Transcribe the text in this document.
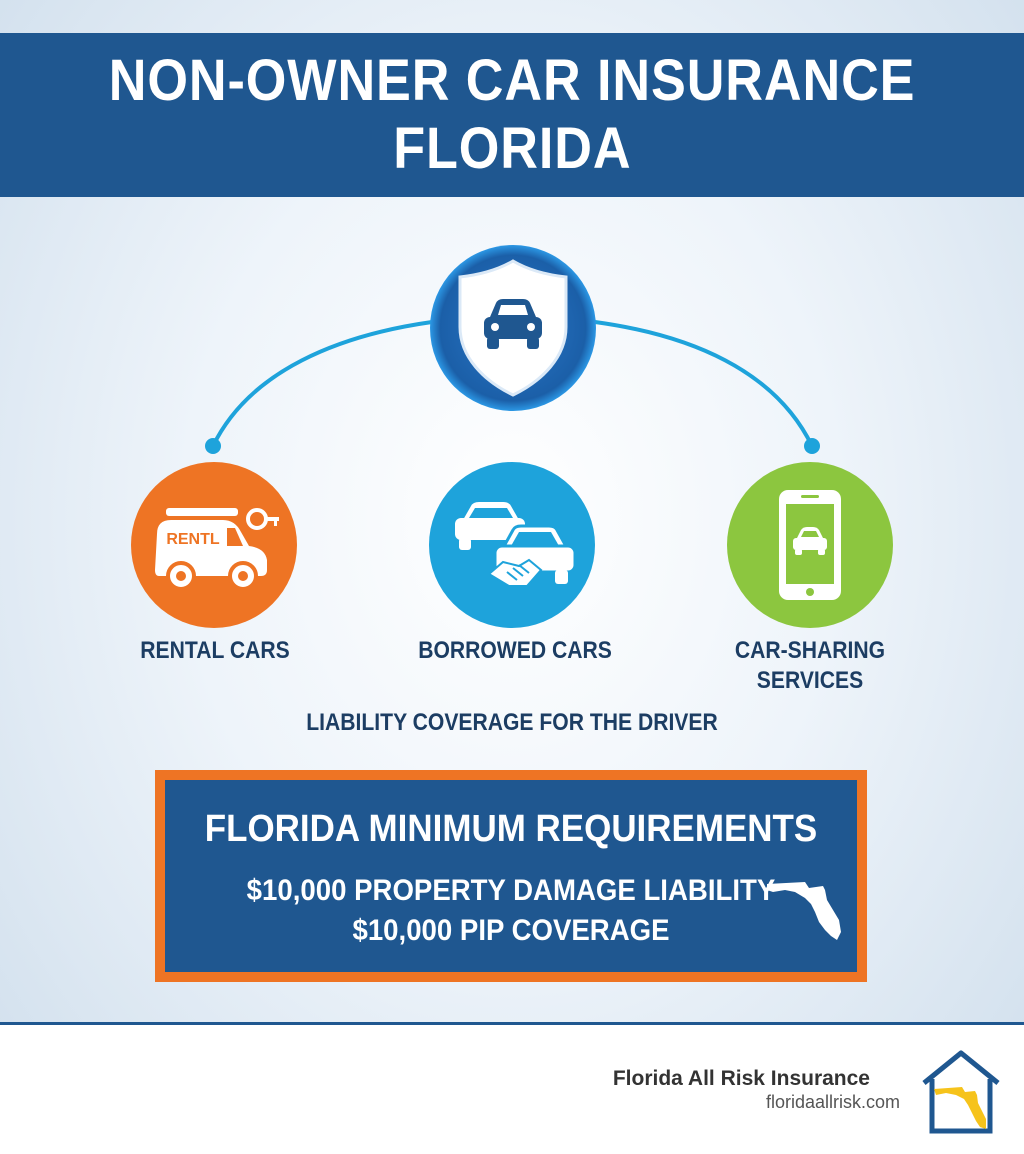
NON-OWNER CAR INSURANCE
FLORIDA
RENTL
RENTAL CARS	BORROWED CARS	CAR-SHARING
SERVICES
LIABILITY COVERAGE FOR THE DRIVER
FLORIDA MINIMUM REQUIREMENTS
$10,000 PROPERTY DAMAGE LIABILITY
$10,000 PIP COVERAGE
Florida All Risk Insurance
floridaallrisk.com
